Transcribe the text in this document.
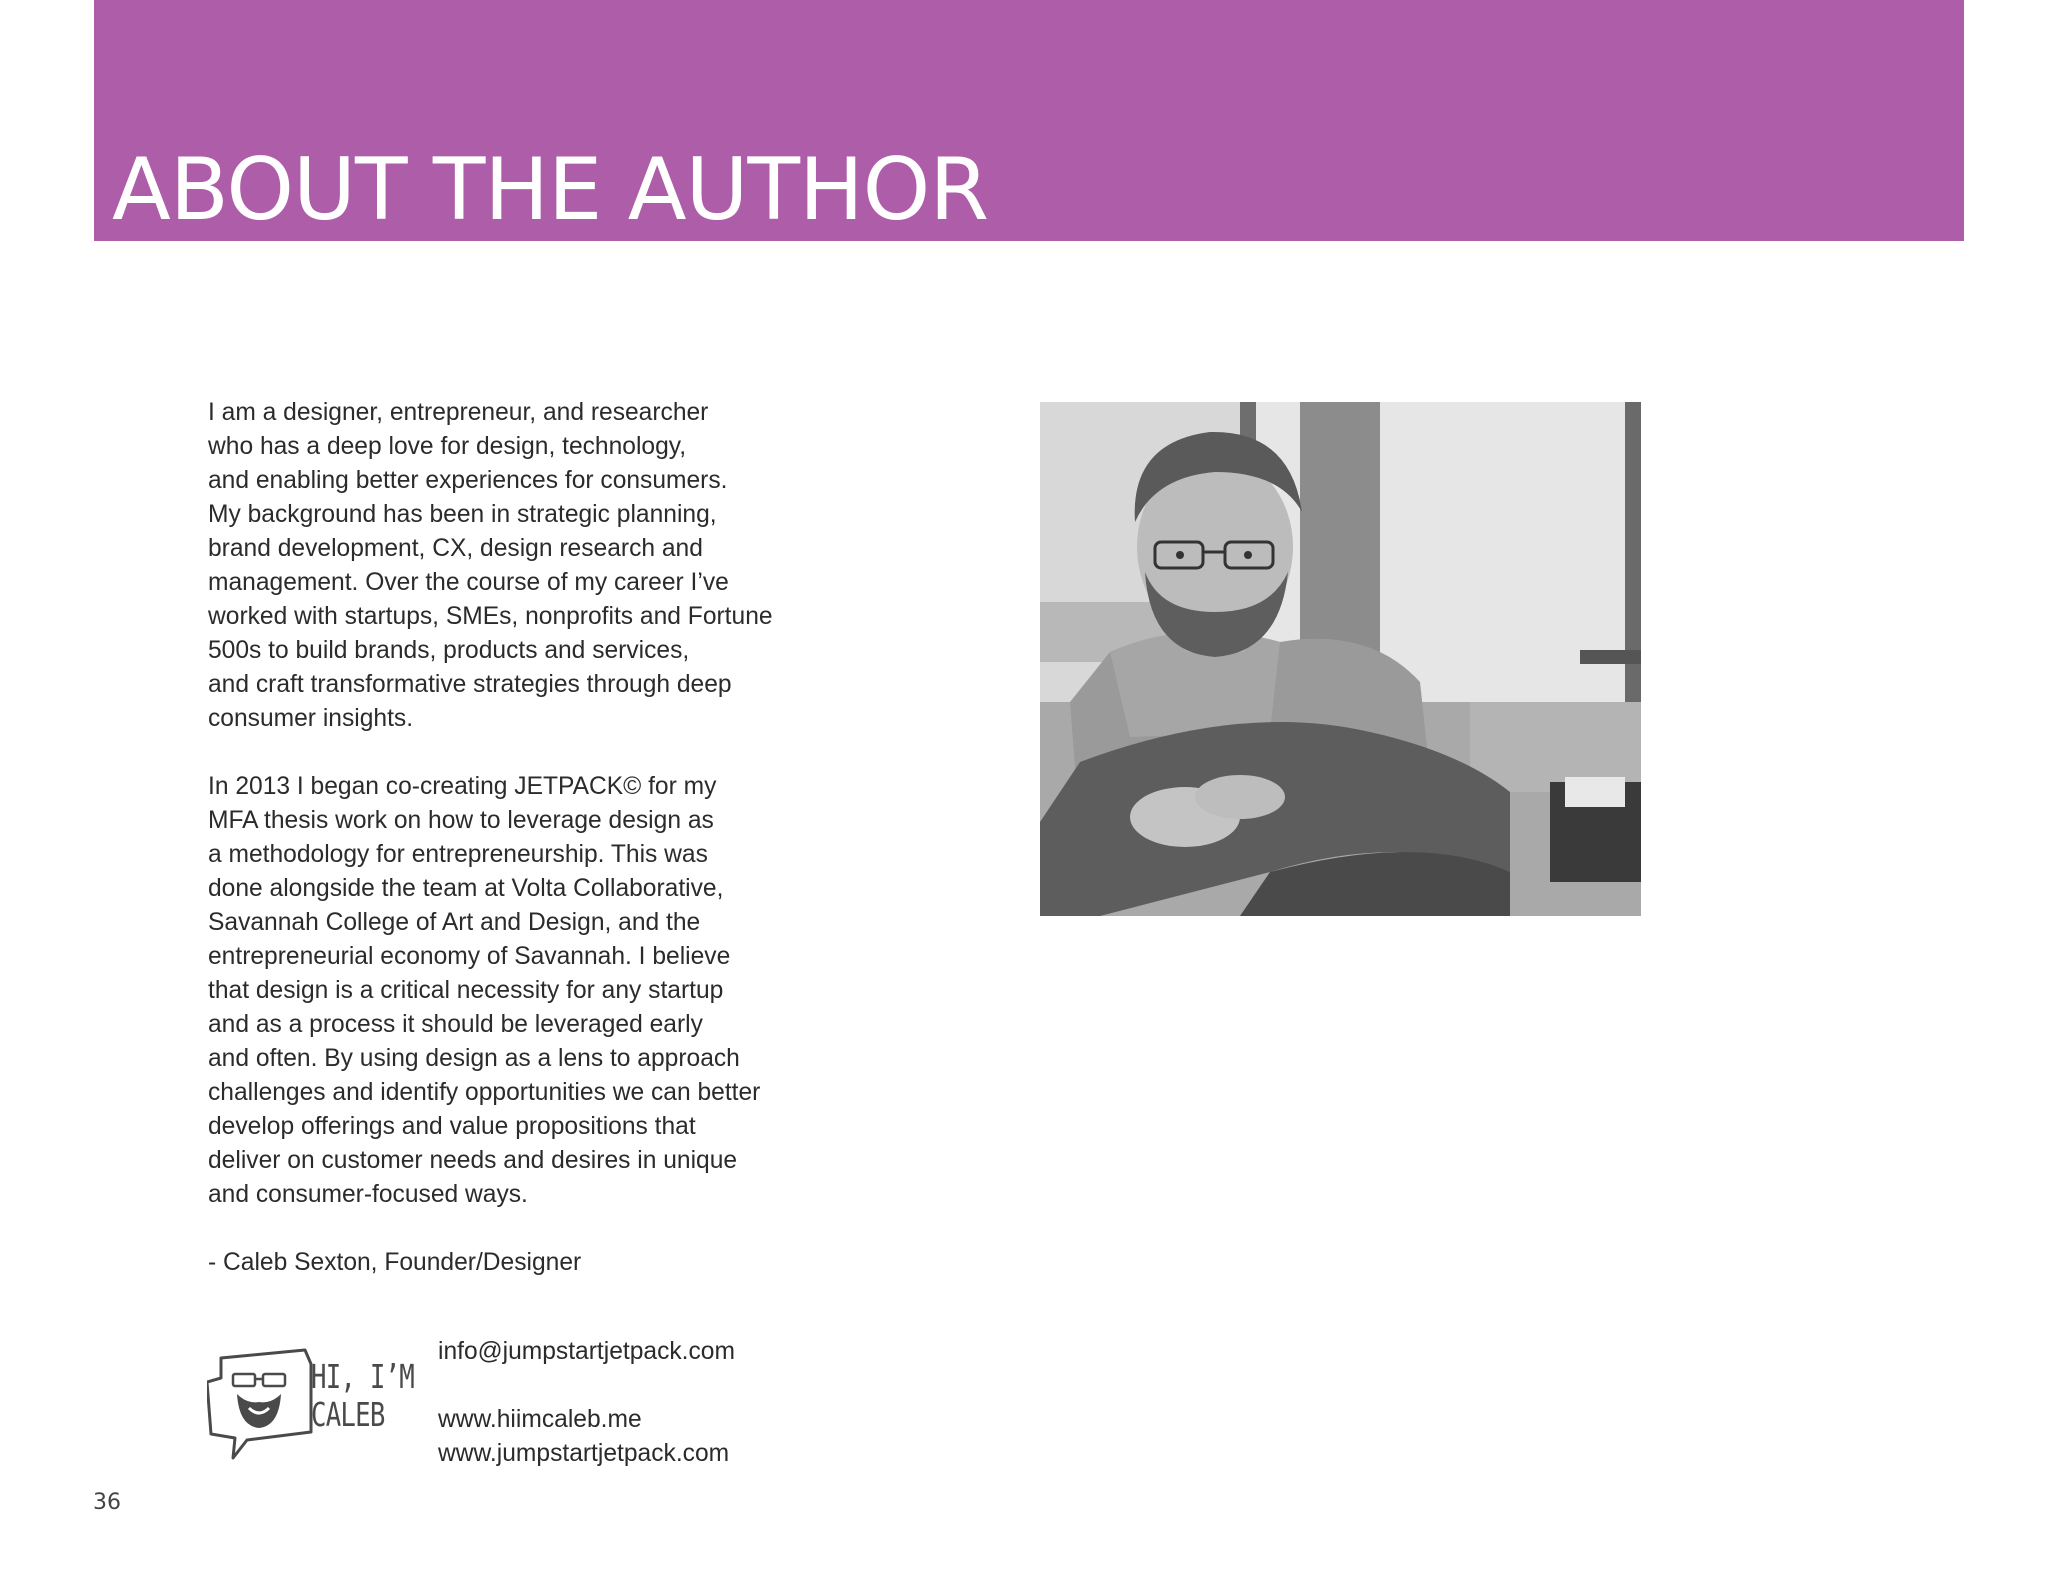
ABOUT THE AUTHOR

I am a designer, entrepreneur, and researcher
who has a deep love for design, technology,
and enabling better experiences for consumers.
My background has been in strategic planning,
brand development, CX, design research and
management. Over the course of my career I’ve
worked with startups, SMEs, nonprofits and Fortune
500s to build brands, products and services,
and craft transformative strategies through deep
consumer insights.

In 2013 I began co-creating JETPACK© for my
MFA thesis work on how to leverage design as
a methodology for entrepreneurship. This was
done alongside the team at Volta Collaborative,
Savannah College of Art and Design, and the
entrepreneurial economy of Savannah. I believe
that design is a critical necessity for any startup
and as a process it should be leveraged early
and often. By using design as a lens to approach
challenges and identify opportunities we can better
develop offerings and value propositions that
deliver on customer needs and desires in unique
and consumer-focused ways.

- Caleb Sexton, Founder/Designer

HI, I’M
CALEB
info@jumpstartjetpack.com
www.hiimcaleb.me
www.jumpstartjetpack.com
36
